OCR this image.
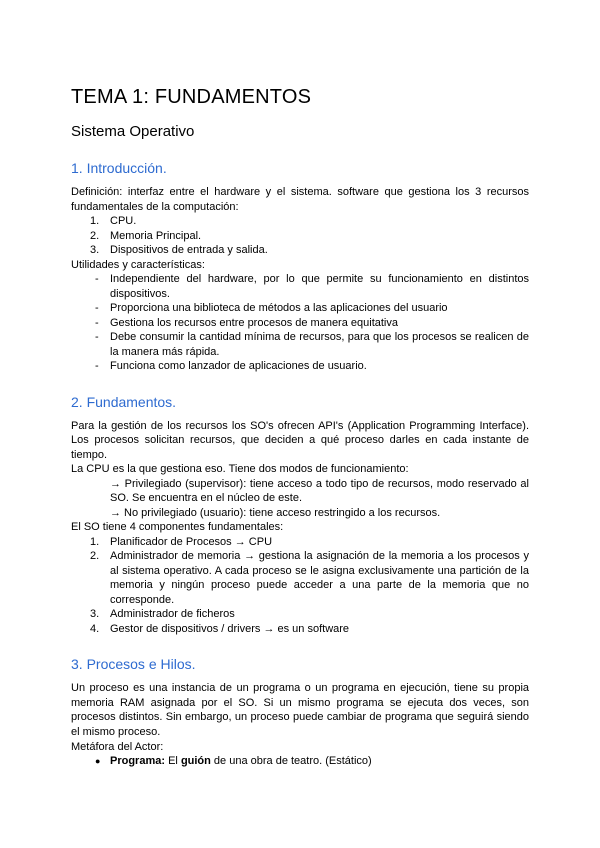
TEMA 1: FUNDAMENTOS
Sistema Operativo
1. Introducción.

Definición: interfaz entre el hardware y el sistema. software que gestiona los 3 recursos fundamentales de la computación:

1. CPU.
2. Memoria Principal.
3. Dispositivos de entrada y salida.

Utilidades y características:

-	Independiente del hardware, por lo que permite su funcionamiento en distintos dispositivos.
-	Proporciona una biblioteca de métodos a las aplicaciones del usuario
-	Gestiona los recursos entre procesos de manera equitativa
-	Debe consumir la cantidad mínima de recursos, para que los procesos se realicen de la manera más rápida.
-	Funciona como lanzador de aplicaciones de usuario.
2. Fundamentos.

Para la gestión de los recursos los SO's ofrecen API's (Application Programming Interface). Los procesos solicitan recursos, que deciden a qué proceso darles en cada instante de tiempo.

La CPU es la que gestiona eso. Tiene dos modos de funcionamiento:

→ Privilegiado (supervisor): tiene acceso a todo tipo de recursos, modo reservado al SO. Se encuentra en el núcleo de este.
→ No privilegiado (usuario): tiene acceso restringido a los recursos.

El SO tiene 4 componentes fundamentales:

1. Planificador de Procesos → CPU
2. Administrador de memoria → gestiona la asignación de la memoria a los procesos y al sistema operativo. A cada proceso se le asigna exclusivamente una partición de la memoria y ningún proceso puede acceder a una parte de la memoria que no corresponde.
3. Administrador de ficheros
4. Gestor de dispositivos / drivers → es un software
3. Procesos e Hilos.

Un proceso es una instancia de un programa o un programa en ejecución, tiene su propia memoria RAM asignada por el SO. Si un mismo programa se ejecuta dos veces, son procesos distintos. Sin embargo, un proceso puede cambiar de programa que seguirá siendo el mismo proceso.

Metáfora del Actor:

● Programa: El guión de una obra de teatro. (Estático)
